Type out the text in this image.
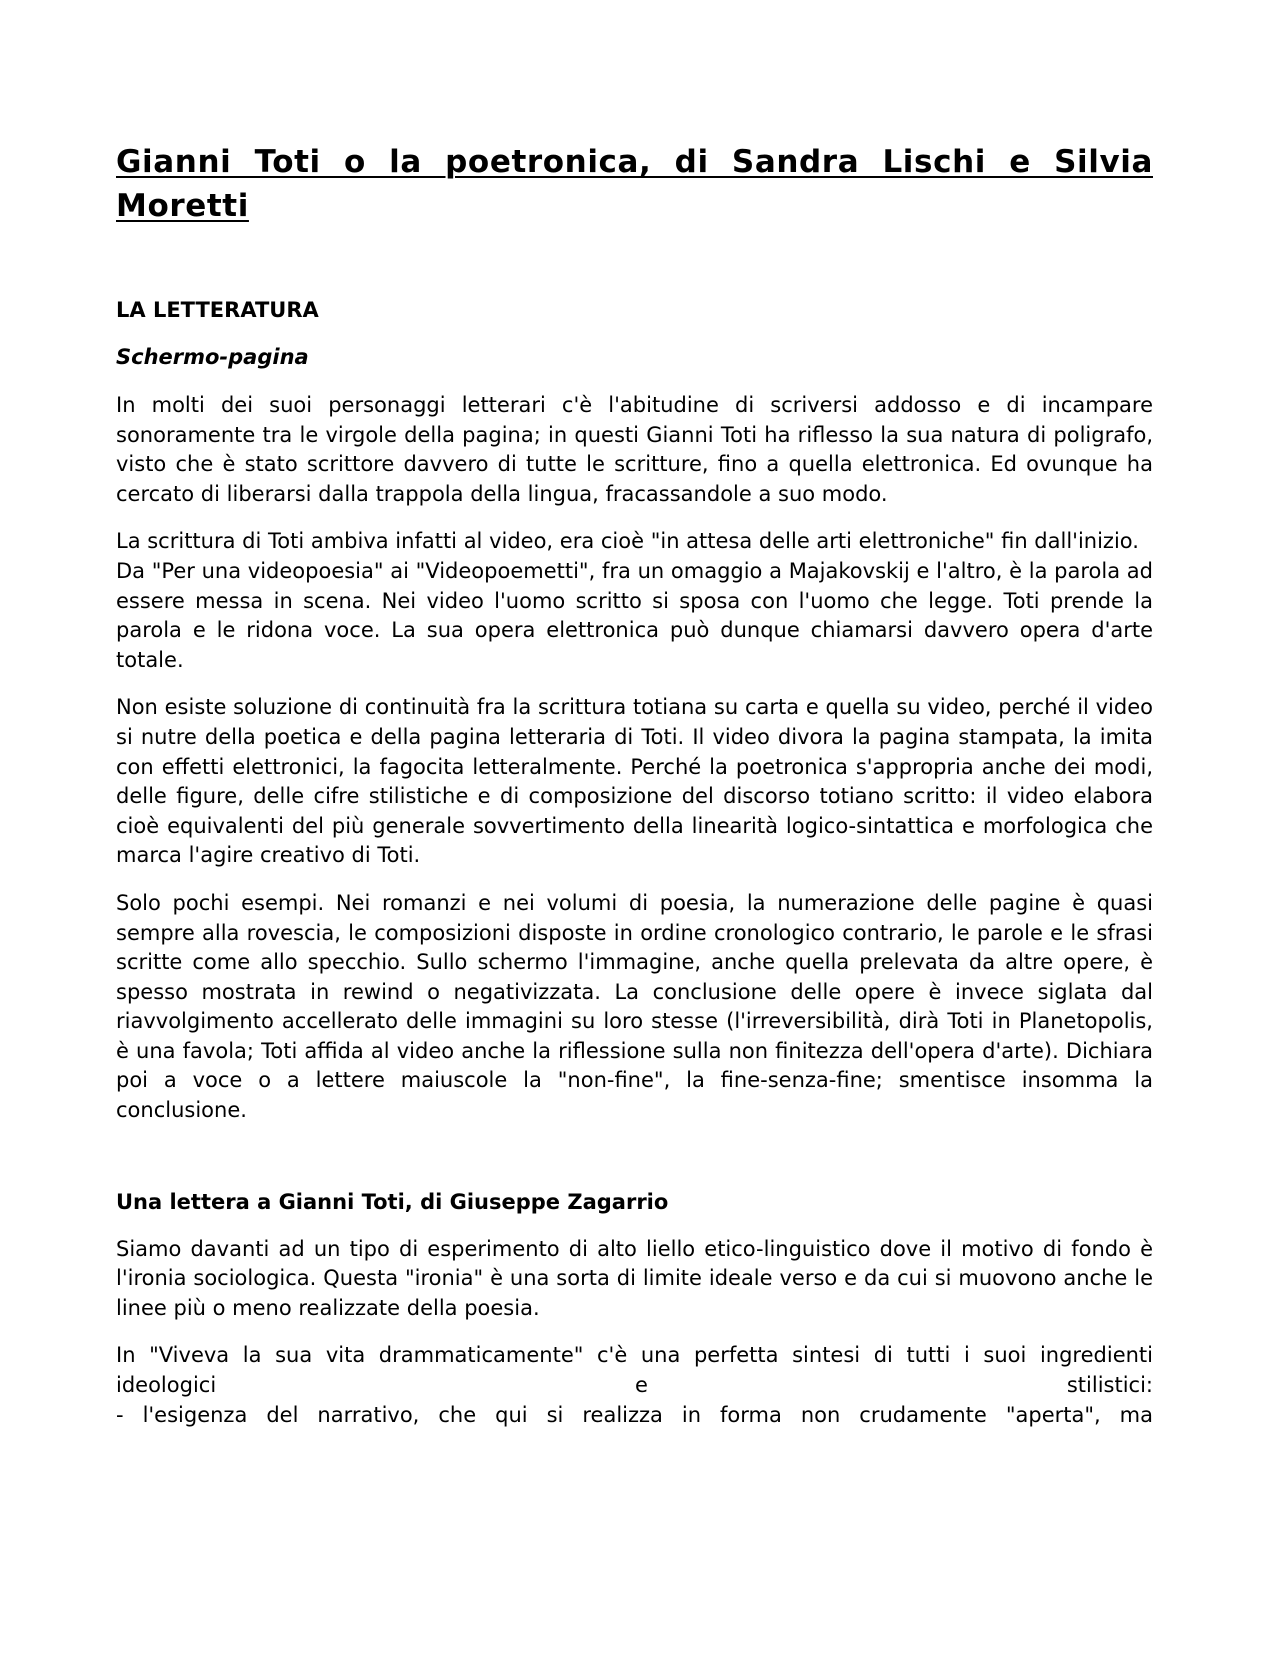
Gianni Toti o la poetronica, di Sandra Lischi e Silvia Moretti
LA LETTERATURA
Schermo-pagina

In molti dei suoi personaggi letterari c'è l'abitudine di scriversi addosso e di incampare sonoramente tra le virgole della pagina; in questi Gianni Toti ha riflesso la sua natura di poligrafo, visto che è stato scrittore davvero di tutte le scritture, fino a quella elettronica. Ed ovunque ha cercato di liberarsi dalla trappola della lingua, fracassandole a suo modo.

La scrittura di Toti ambiva infatti al video, era cioè "in attesa delle arti elettroniche" fin dall'inizio.

Da "Per una videopoesia" ai "Videopoemetti", fra un omaggio a Majakovskij e l'altro, è la parola ad essere messa in scena. Nei video l'uomo scritto si sposa con l'uomo che legge. Toti prende la parola e le ridona voce. La sua opera elettronica può dunque chiamarsi davvero opera d'arte totale.

Non esiste soluzione di continuità fra la scrittura totiana su carta e quella su video, perché il video si nutre della poetica e della pagina letteraria di Toti. Il video divora la pagina stampata, la imita con effetti elettronici, la fagocita letteralmente. Perché la poetronica s'appropria anche dei modi, delle figure, delle cifre stilistiche e di composizione del discorso totiano scritto: il video elabora cioè equivalenti del più generale sovvertimento della linearità logico-sintattica e morfologica che marca l'agire creativo di Toti.

Solo pochi esempi. Nei romanzi e nei volumi di poesia, la numerazione delle pagine è quasi sempre alla rovescia, le composizioni disposte in ordine cronologico contrario, le parole e le sfrasi scritte come allo specchio. Sullo schermo l'immagine, anche quella prelevata da altre opere, è spesso mostrata in rewind o negativizzata. La conclusione delle opere è invece siglata dal riavvolgimento accellerato delle immagini su loro stesse (l'irreversibilità, dirà Toti in Planetopolis, è una favola; Toti affida al video anche la riflessione sulla non finitezza dell'opera d'arte). Dichiara poi a voce o a lettere maiuscole la "non-fine", la fine-senza-fine; smentisce insomma la conclusione.

Una lettera a Gianni Toti, di Giuseppe Zagarrio

Siamo davanti ad un tipo di esperimento di alto liello etico-linguistico dove il motivo di fondo è l'ironia sociologica. Questa "ironia" è una sorta di limite ideale verso e da cui si muovono anche le linee più o meno realizzate della poesia.

In "Viveva la sua vita drammaticamente" c'è una perfetta sintesi di tutti i suoi ingredienti ideologici e stilistici:

- l'esigenza del narrativo, che qui si realizza in forma non crudamente "aperta", ma
